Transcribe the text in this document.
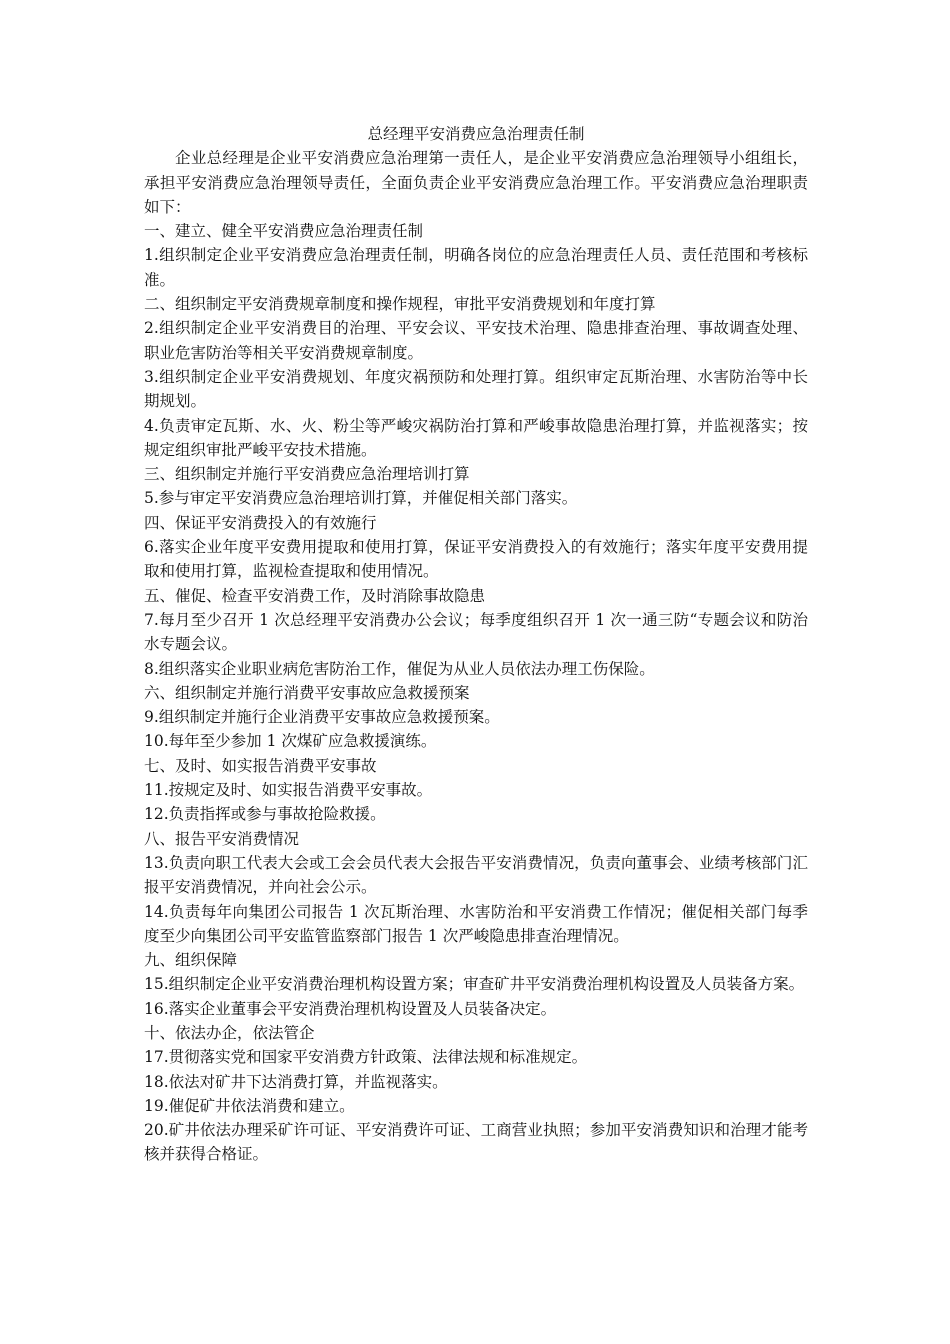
总经理平安消费应急治理责任制

企业总经理是企业平安消费应急治理第一责任人，是企业平安消费应急治理领导小组组长，承担平安消费应急治理领导责任，全面负责企业平安消费应急治理工作。平安消费应急治理职责如下：

一、建立、健全平安消费应急治理责任制

1.组织制定企业平安消费应急治理责任制，明确各岗位的应急治理责任人员、责任范围和考核标准。

二、组织制定平安消费规章制度和操作规程，审批平安消费规划和年度打算

2.组织制定企业平安消费目的治理、平安会议、平安技术治理、隐患排查治理、事故调查处理、职业危害防治等相关平安消费规章制度。

3.组织制定企业平安消费规划、年度灾祸预防和处理打算。组织审定瓦斯治理、水害防治等中长期规划。

4.负责审定瓦斯、水、火、粉尘等严峻灾祸防治打算和严峻事故隐患治理打算，并监视落实；按规定组织审批严峻平安技术措施。

三、组织制定并施行平安消费应急治理培训打算

5.参与审定平安消费应急治理培训打算，并催促相关部门落实。

四、保证平安消费投入的有效施行

6.落实企业年度平安费用提取和使用打算，保证平安消费投入的有效施行；落实年度平安费用提取和使用打算，监视检查提取和使用情况。

五、催促、检查平安消费工作，及时消除事故隐患

7.每月至少召开 1 次总经理平安消费办公会议；每季度组织召开 1 次一通三防“专题会议和防治水专题会议。

8.组织落实企业职业病危害防治工作，催促为从业人员依法办理工伤保险。

六、组织制定并施行消费平安事故应急救援预案

9.组织制定并施行企业消费平安事故应急救援预案。

10.每年至少参加 1 次煤矿应急救援演练。

七、及时、如实报告消费平安事故

11.按规定及时、如实报告消费平安事故。

12.负责指挥或参与事故抢险救援。

八、报告平安消费情况

13.负责向职工代表大会或工会会员代表大会报告平安消费情况，负责向董事会、业绩考核部门汇报平安消费情况，并向社会公示。

14.负责每年向集团公司报告 1 次瓦斯治理、水害防治和平安消费工作情况；催促相关部门每季度至少向集团公司平安监管监察部门报告 1 次严峻隐患排查治理情况。

九、组织保障

15.组织制定企业平安消费治理机构设置方案；审查矿井平安消费治理机构设置及人员装备方案。

16.落实企业董事会平安消费治理机构设置及人员装备决定。

十、依法办企，依法管企

17.贯彻落实党和国家平安消费方针政策、法律法规和标准规定。

18.依法对矿井下达消费打算，并监视落实。

19.催促矿井依法消费和建立。

20.矿井依法办理采矿许可证、平安消费许可证、工商营业执照；参加平安消费知识和治理才能考核并获得合格证。
